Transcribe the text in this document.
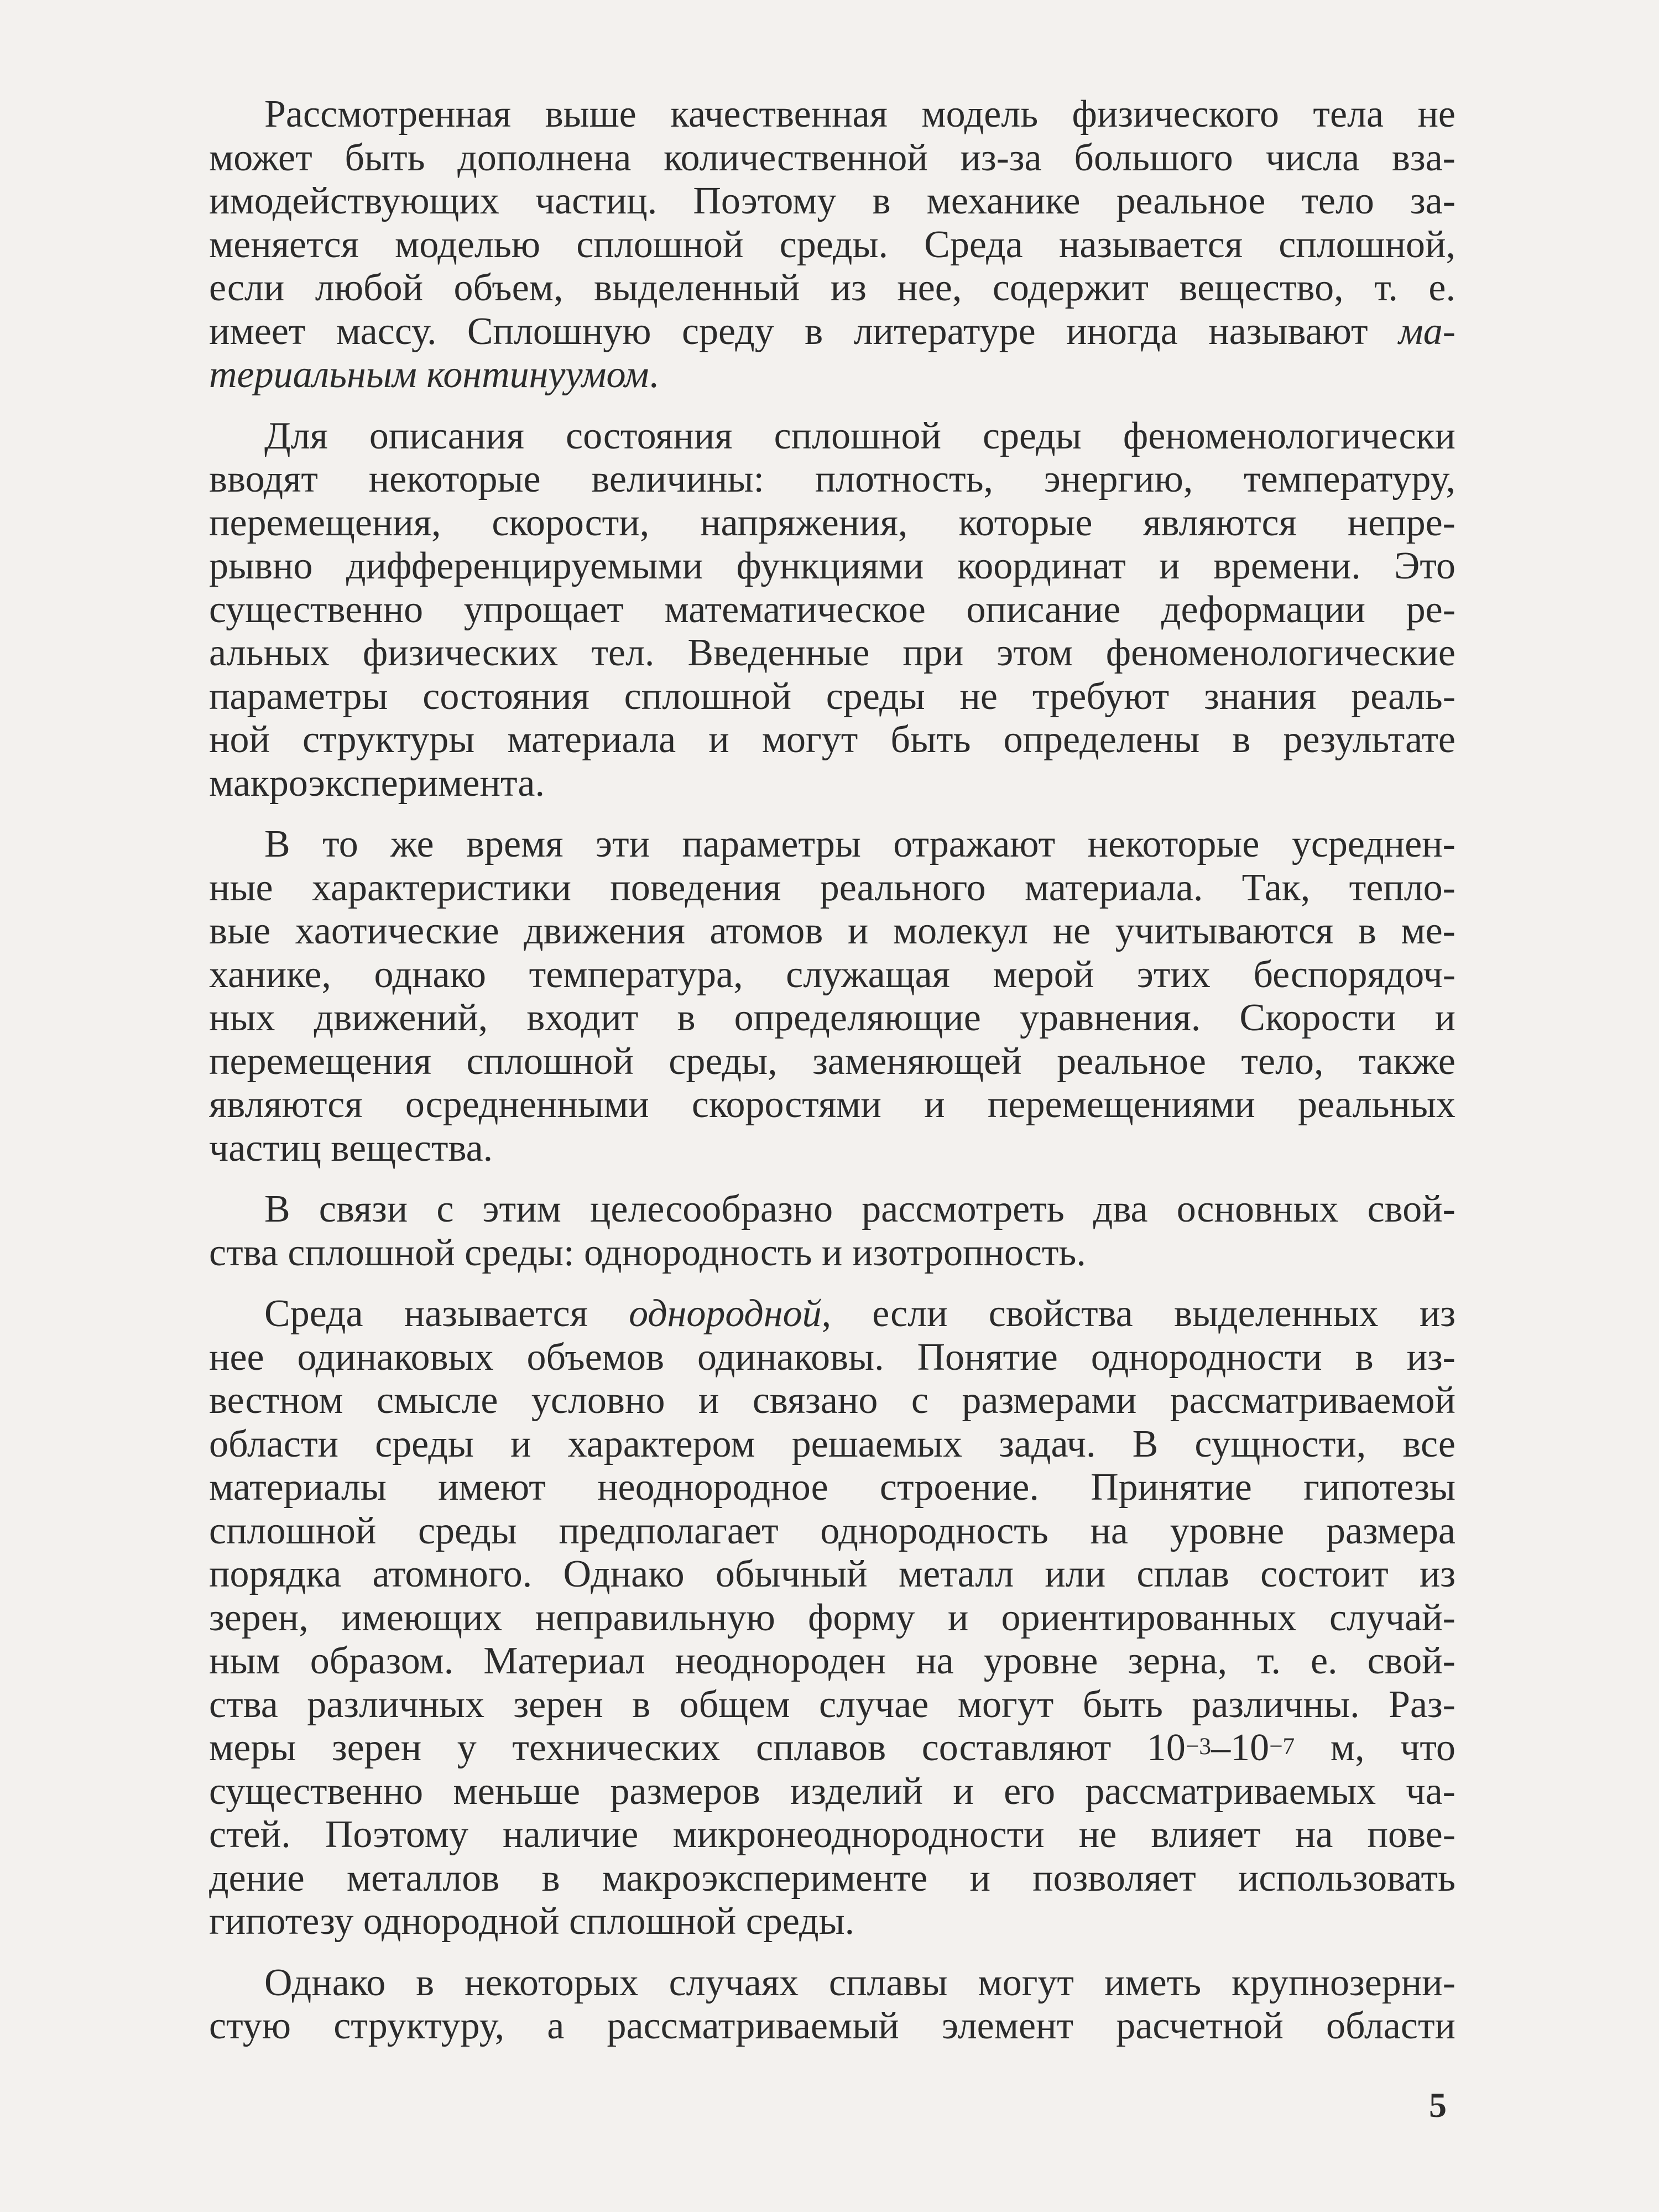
Рассмотренная выше качественная модель физического тела не
может быть дополнена количественной из-за большого числа вза-
имодействующих частиц. Поэтому в механике реальное тело за-
меняется моделью сплошной среды. Среда называется сплошной,
если любой объем, выделенный из нее, содержит вещество, т. е.
имеет массу. Сплошную среду в литературе иногда называют ма-
териальным континуумом.

Для описания состояния сплошной среды феноменологически
вводят некоторые величины: плотность, энергию, температуру,
перемещения, скорости, напряжения, которые являются непре-
рывно дифференцируемыми функциями координат и времени. Это
существенно упрощает математическое описание деформации ре-
альных физических тел. Введенные при этом феноменологические
параметры состояния сплошной среды не требуют знания реаль-
ной структуры материала и могут быть определены в результате
макроэксперимента.

В то же время эти параметры отражают некоторые усреднен-
ные характеристики поведения реального материала. Так, тепло-
вые хаотические движения атомов и молекул не учитываются в ме-
ханике, однако температура, служащая мерой этих беспорядоч-
ных движений, входит в определяющие уравнения. Скорости и
перемещения сплошной среды, заменяющей реальное тело, также
являются осредненными скоростями и перемещениями реальных
частиц вещества.

В связи с этим целесообразно рассмотреть два основных свой-
ства сплошной среды: однородность и изотропность.

Среда называется однородной, если свойства выделенных из
нее одинаковых объемов одинаковы. Понятие однородности в из-
вестном смысле условно и связано с размерами рассматриваемой
области среды и характером решаемых задач. В сущности, все
материалы имеют неоднородное строение. Принятие гипотезы
сплошной среды предполагает однородность на уровне размера
порядка атомного. Однако обычный металл или сплав состоит из
зерен, имеющих неправильную форму и ориентированных случай-
ным образом. Материал неоднороден на уровне зерна, т. е. свой-
ства различных зерен в общем случае могут быть различны. Раз-
меры зерен у технических сплавов составляют $10^{-3}-10^{-7}$ м, что
существенно меньше размеров изделий и его рассматриваемых ча-
стей. Поэтому наличие микронеоднородности не влияет на пове-
дение металлов в макроэксперименте и позволяет использовать
гипотезу однородной сплошной среды.

Однако в некоторых случаях сплавы могут иметь крупнозерни-
стую структуру, а рассматриваемый элемент расчетной области

5
